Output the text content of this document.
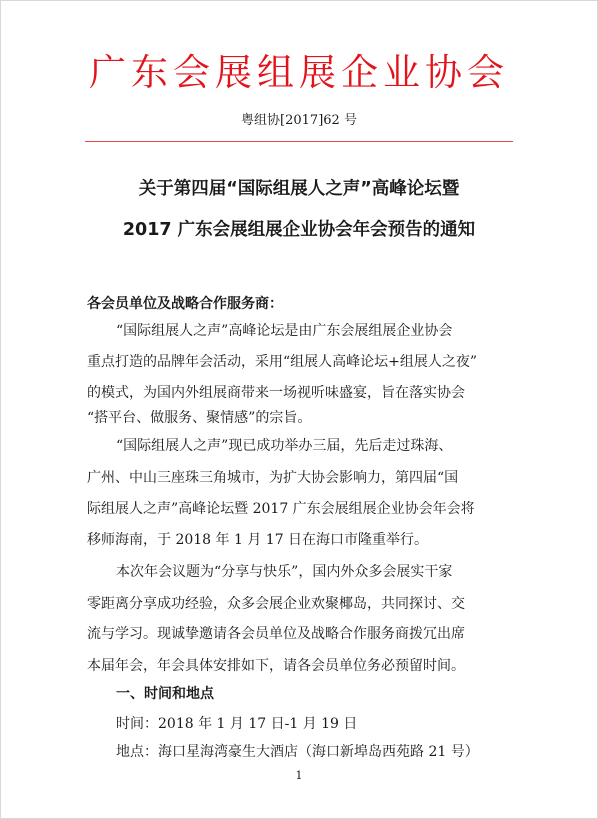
广东会展组展企业协会
粤组协[2017]62 号
关于第四届“国际组展人之声”高峰论坛暨
2017 广东会展组展企业协会年会预告的通知
各会员单位及战略合作服务商：
“国际组展人之声”高峰论坛是由广东会展组展企业协会
重点打造的品牌年会活动，采用“组展人高峰论坛+组展人之夜”
的模式，为国内外组展商带来一场视听味盛宴，旨在落实协会
“搭平台、做服务、聚情感”的宗旨。
“国际组展人之声”现已成功举办三届，先后走过珠海、
广州、中山三座珠三角城市，为扩大协会影响力，第四届“国
际组展人之声”高峰论坛暨 2017 广东会展组展企业协会年会将
移师海南，于 2018 年 1 月 17 日在海口市隆重举行。
本次年会议题为“分享与快乐”，国内外众多会展实干家
零距离分享成功经验，众多会展企业欢聚椰岛，共同探讨、交
流与学习。现诚挚邀请各会员单位及战略合作服务商拨冗出席
本届年会，年会具体安排如下，请各会员单位务必预留时间。
一、时间和地点
时间：2018 年 1 月 17 日-1 月 19 日
地点：海口星海湾豪生大酒店（海口新埠岛西苑路 21 号）
1
